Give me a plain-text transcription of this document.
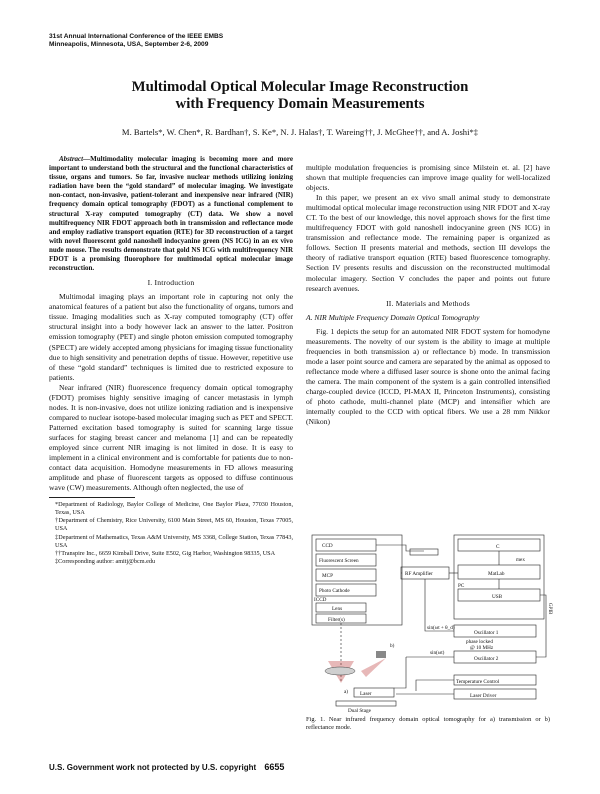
31st Annual International Conference of the IEEE EMBS
Minneapolis, Minnesota, USA, September 2-6, 2009
Multimodal Optical Molecular Image Reconstruction
with Frequency Domain Measurements
M. Bartels*, W. Chen*, R. Bardhan†, S. Ke*, N. J. Halas†, T. Wareing††, J. McGhee††, and A. Joshi*‡

Abstract—Multimodality molecular imaging is becoming more and more important to understand both the structural and the functional characteristics of tissue, organs and tumors. So far, invasive nuclear methods utilizing ionizing radiation have been the “gold standard” of molecular imaging. We investigate non-contact, non-invasive, patient-tolerant and inexpensive near infrared (NIR) frequency domain optical tomography (FDOT) as a functional complement to structural X-ray computed tomography (CT) data. We show a novel multifrequency NIR FDOT approach both in transmission and reflectance mode and employ radiative transport equation (RTE) for 3D reconstruction of a target with novel fluorescent gold nanoshell indocyanine green (NS ICG) in an ex vivo nude mouse. The results demonstrate that gold NS ICG with multifrequency NIR FDOT is a promising fluorophore for multimodal optical molecular image reconstruction.

I. Introduction

Multimodal imaging plays an important role in capturing not only the anatomical features of a patient but also the functionality of organs, tumors and tissue. Imaging modalities such as X-ray computed tomography (CT) offer structural insight into a body however lack an answer to the latter. Positron emission tomography (PET) and single photon emission computed tomography (SPECT) are widely accepted among physicians for imaging tissue functionality due to high sensitivity and penetration depths of tissue. However, repetitive use of these “gold standard” techniques is limited due to restricted exposure to patients.

Near infrared (NIR) fluorescence frequency domain optical tomography (FDOT) promises highly sensitive imaging of cancer metastasis in lymph nodes. It is non-invasive, does not utilize ionizing radiation and is inexpensive compared to nuclear isotope-based molecular imaging such as PET and SPECT. Patterned excitation based tomography is suited for scanning large tissue surfaces for staging breast cancer and melanoma [1] and can be repeatedly employed since current NIR imaging is not limited in dose. It is easy to implement in a clinical environment and is comfortable for patients due to non-contact data acquisition. Homodyne measurements in FD allows measuring amplitude and phase of fluorescent targets as opposed to diffuse continuous wave (CW) measurements. Although often neglected, the use of

*Department of Radiology, Baylor College of Medicine, One Baylor Plaza, 77030 Houston, Texas, USA
†Department of Chemistry, Rice University, 6100 Main Street, MS 60, Houston, Texas 77005, USA
‡Department of Mathematics, Texas A&M University, MS 3368, College Station, Texas 77843, USA
††Transpire Inc., 6659 Kimball Drive, Suite E502, Gig Harbor, Washington 98335, USA
‡Corresponding author: amitj@bcm.edu

multiple modulation frequencies is promising since Milstein et. al. [2] have shown that multiple frequencies can improve image quality for well-localized objects.

In this paper, we present an ex vivo small animal study to demonstrate multimodal optical molecular image reconstruction using NIR FDOT and X-ray CT. To the best of our knowledge, this novel approach shows for the first time multifrequency FDOT with gold nanoshell indocyanine green (NS ICG) in transmission and reflectance mode. The remaining paper is organized as follows. Section II presents material and methods, section III develops the theory of radiative transport equation (RTE) based fluorescence tomography. Section IV presents results and discussion on the reconstructed multimodal molecular imagery. Section V concludes the paper and points out future research avenues.

II. Materials and Methods
A. NIR Multiple Frequency Domain Optical Tomography

Fig. 1 depicts the setup for an automated NIR FDOT system for homodyne measurements. The novelty of our system is the ability to image at multiple frequencies in both transmission a) or reflectance b) mode. In transmission mode a laser point source and camera are separated by the animal as opposed to reflectance mode where a diffused laser source is shone onto the animal facing the camera. The main component of the system is a gain controlled intensified charge-coupled device (ICCD, PI-MAX II, Princeton Instruments), consisting of photo cathode, multi-channel plate (MCP) and intensifier which are internally coupled to the CCD with optical fibers. We use a 28 mm Nikkor (Nikon)

CCD
Fluorescent Screen
MCP
Photo Cathode
ICCD
Lens
Filter(s)
RF Amplifier
C
mex
MatLab
PC
USB
Oscillator 1
phase locked
@ 10 MHz
Oscillator 2
sin(ωt + θ_d)
sin(ωt)
Temperature Control
Laser Driver
Laser
Dual Stage
a)
b)
GPIB
Fig. 1. Near infrared frequency domain optical tomography for a) transmission or b) reflectance mode.
U.S. Government work not protected by U.S. copyright 6655
